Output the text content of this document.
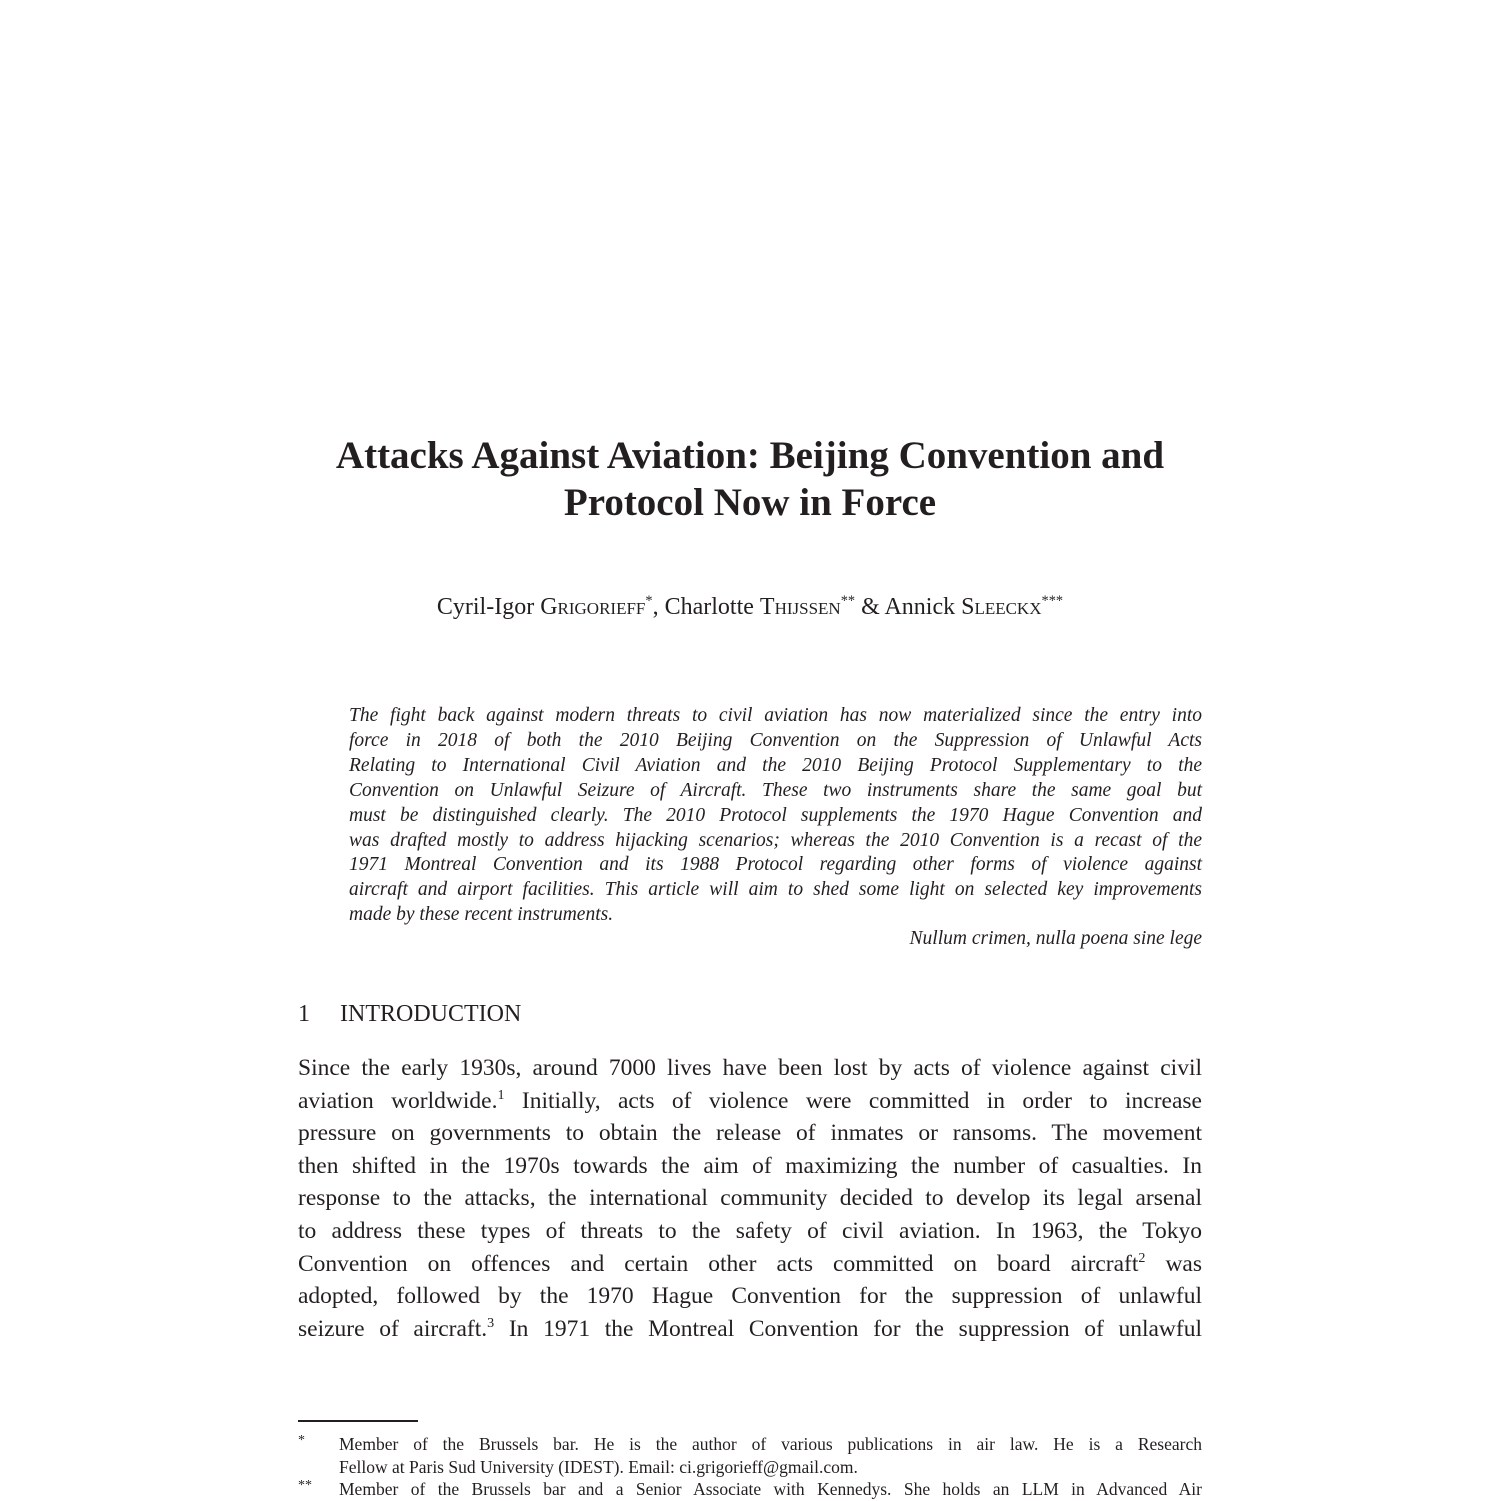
Attacks Against Aviation: Beijing Convention and
Protocol Now in Force
Cyril-Igor Grigorieff*, Charlotte Thijssen** & Annick Sleeckx***
The fight back against modern threats to civil aviation has now materialized since the entry into
force in 2018 of both the 2010 Beijing Convention on the Suppression of Unlawful Acts
Relating to International Civil Aviation and the 2010 Beijing Protocol Supplementary to the
Convention on Unlawful Seizure of Aircraft. These two instruments share the same goal but
must be distinguished clearly. The 2010 Protocol supplements the 1970 Hague Convention and
was drafted mostly to address hijacking scenarios; whereas the 2010 Convention is a recast of the
1971 Montreal Convention and its 1988 Protocol regarding other forms of violence against
aircraft and airport facilities. This article will aim to shed some light on selected key improvements
made by these recent instruments.
Nullum crimen, nulla poena sine lege
1 INTRODUCTION
Since the early 1930s, around 7000 lives have been lost by acts of violence against civil
aviation worldwide.$^1$ Initially, acts of violence were committed in order to increase
pressure on governments to obtain the release of inmates or ransoms. The movement
then shifted in the 1970s towards the aim of maximizing the number of casualties. In
response to the attacks, the international community decided to develop its legal arsenal
to address these types of threats to the safety of civil aviation. In 1963, the Tokyo
Convention on offences and certain other acts committed on board aircraft$^2$ was
adopted, followed by the 1970 Hague Convention for the suppression of unlawful
seizure of aircraft.$^3$ In 1971 the Montreal Convention for the suppression of unlawful
* Member of the Brussels bar. He is the author of various publications in air law. He is a Research
Fellow at Paris Sud University (IDEST). Email: ci.grigorieff@gmail.com.
** Member of the Brussels bar and a Senior Associate with Kennedys. She holds an LLM in Advanced Air
